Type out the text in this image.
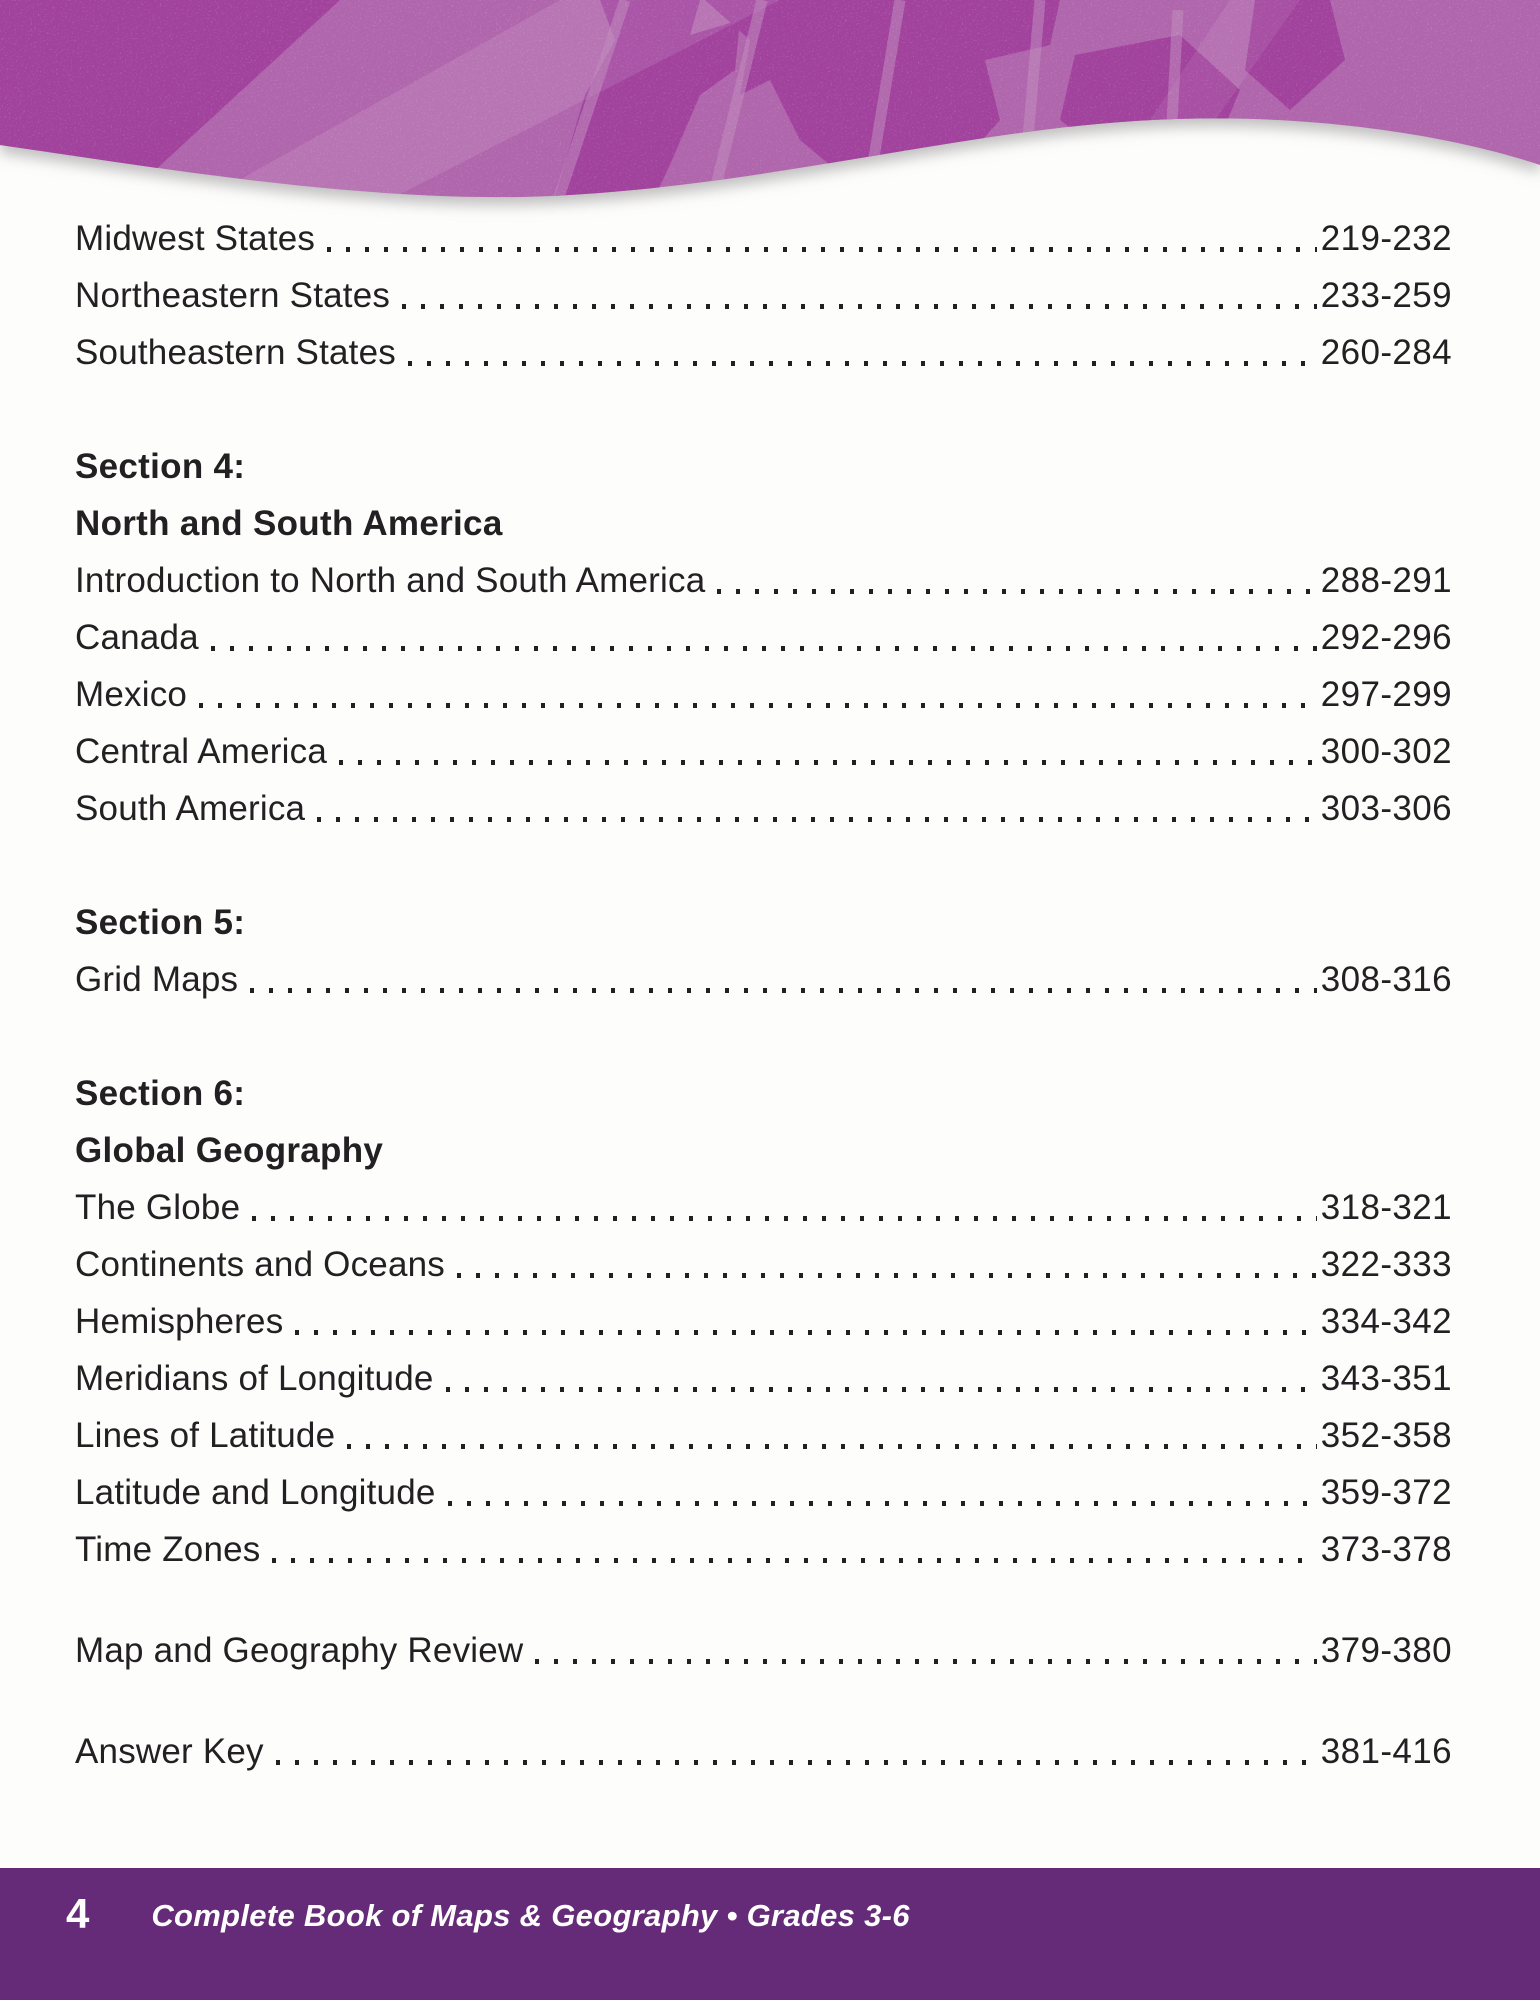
Midwest States	219-232
Northeastern States	233-259
Southeastern States	260-284
Section 4:
North and South America
Introduction to North and South America	288-291
Canada	292-296
Mexico	297-299
Central America	300-302
South America	303-306
Section 5:
Grid Maps	308-316
Section 6:
Global Geography
The Globe	318-321
Continents and Oceans	322-333
Hemispheres	334-342
Meridians of Longitude	343-351
Lines of Latitude	352-358
Latitude and Longitude	359-372
Time Zones	373-378
Map and Geography Review	379-380
Answer Key	381-416
4 Complete Book of Maps & Geography • Grades 3-6
